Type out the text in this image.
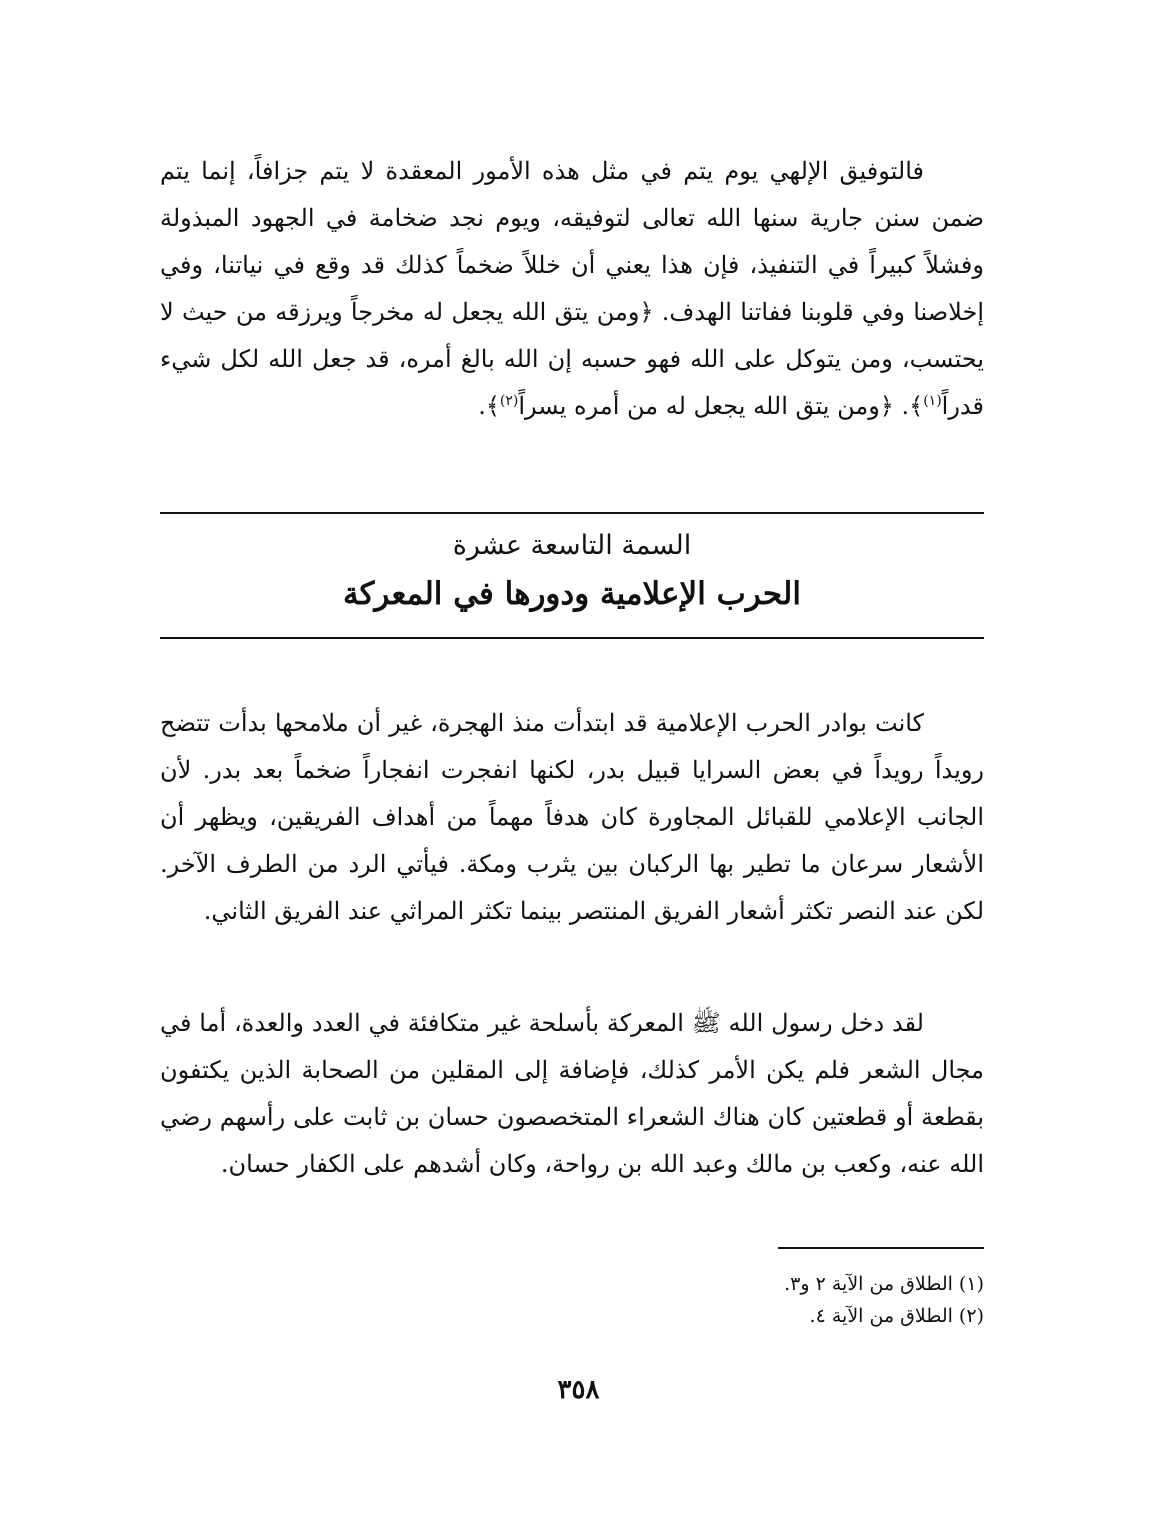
فالتوفيق الإلهي يوم يتم في مثل هذه الأمور المعقدة لا يتم جزافاً، إنما يتم ضمن سنن جارية سنها الله تعالى لتوفيقه، ويوم نجد ضخامة في الجهود المبذولة وفشلاً كبيراً في التنفيذ، فإن هذا يعني أن خللاً ضخماً كذلك قد وقع في نياتنا، وفي إخلاصنا وفي قلوبنا ففاتنا الهدف. ﴿ومن يتق الله يجعل له مخرجاً ويرزقه من حيث لا يحتسب، ومن يتوكل على الله فهو حسبه إن الله بالغ أمره، قد جعل الله لكل شيء قدراً$^{(١)}$﴾. ﴿ومن يتق الله يجعل له من أمره يسراً$^{(٢)}$﴾.

السمة التاسعة عشرة
الحرب الإعلامية ودورها في المعركة

كانت بوادر الحرب الإعلامية قد ابتدأت منذ الهجرة، غير أن ملامحها بدأت تتضح رويداً رويداً في بعض السرايا قبيل بدر، لكنها انفجرت انفجاراً ضخماً بعد بدر. لأن الجانب الإعلامي للقبائل المجاورة كان هدفاً مهماً من أهداف الفريقين، ويظهر أن الأشعار سرعان ما تطير بها الركبان بين يثرب ومكة. فيأتي الرد من الطرف الآخر. لكن عند النصر تكثر أشعار الفريق المنتصر بينما تكثر المراثي عند الفريق الثاني.

لقد دخل رسول الله ﷺ المعركة بأسلحة غير متكافئة في العدد والعدة، أما في مجال الشعر فلم يكن الأمر كذلك، فإضافة إلى المقلين من الصحابة الذين يكتفون بقطعة أو قطعتين كان هناك الشعراء المتخصصون حسان بن ثابت على رأسهم رضي الله عنه، وكعب بن مالك وعبد الله بن رواحة، وكان أشدهم على الكفار حسان.

(١) الطلاق من الآية ٢ و٣.
(٢) الطلاق من الآية ٤.
٣٥٨
